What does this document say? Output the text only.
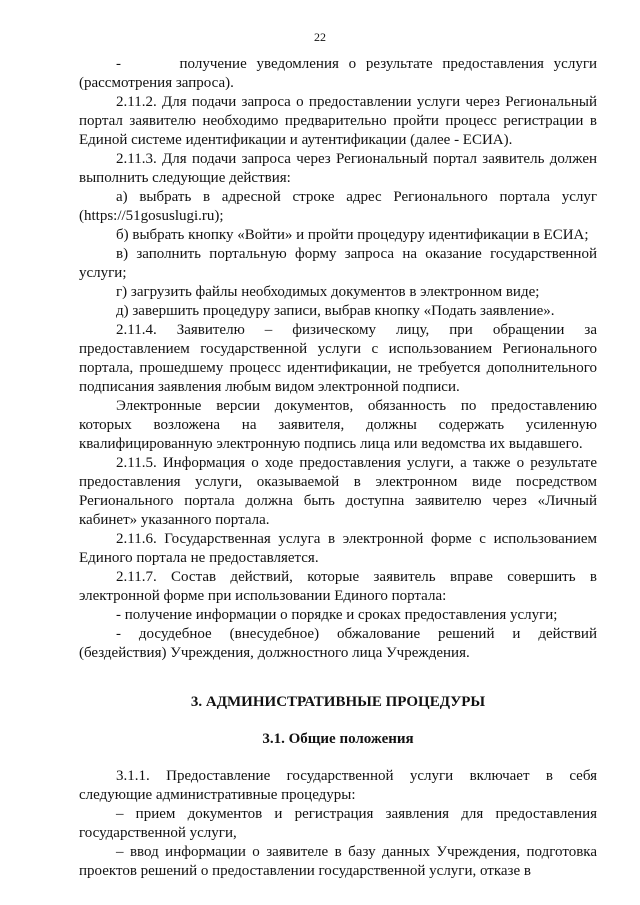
22

-      получение уведомления о результате предоставления услуги (рассмотрения запроса).

2.11.2. Для подачи запроса о предоставлении услуги через Региональный портал заявителю необходимо предварительно пройти процесс регистрации в Единой системе идентификации и аутентификации (далее - ЕСИА).

2.11.3. Для подачи запроса через Региональный портал заявитель должен выполнить следующие действия:

а) выбрать в адресной строке адрес Регионального портала услуг (https://51gosuslugi.ru);

б) выбрать кнопку «Войти» и пройти процедуру идентификации в ЕСИА;

в) заполнить портальную форму запроса на оказание государственной услуги;

г) загрузить файлы необходимых документов в электронном виде;

д) завершить процедуру записи, выбрав кнопку «Подать заявление».

2.11.4. Заявителю – физическому лицу, при обращении за предоставлением государственной услуги с использованием Регионального портала, прошедшему процесс идентификации, не требуется дополнительного подписания заявления любым видом электронной подписи.

Электронные версии документов, обязанность по предоставлению которых возложена на заявителя, должны содержать усиленную квалифицированную электронную подпись лица или ведомства их выдавшего.

2.11.5. Информация о ходе предоставления услуги, а также о результате предоставления услуги, оказываемой в электронном виде посредством Регионального портала должна быть доступна заявителю через «Личный кабинет» указанного портала.

2.11.6. Государственная услуга в электронной форме с использованием Единого портала не предоставляется.

2.11.7. Состав действий, которые заявитель вправе совершить в электронной форме при использовании Единого портала:

- получение информации о порядке и сроках предоставления услуги;

- досудебное (внесудебное) обжалование решений и действий (бездействия) Учреждения, должностного лица Учреждения.

3. АДМИНИСТРАТИВНЫЕ ПРОЦЕДУРЫ

3.1. Общие положения

3.1.1. Предоставление государственной услуги включает в себя следующие административные процедуры:

– прием документов и регистрация заявления для предоставления государственной услуги,

– ввод информации о заявителе в базу данных Учреждения, подготовка проектов решений о предоставлении государственной услуги, отказе в
